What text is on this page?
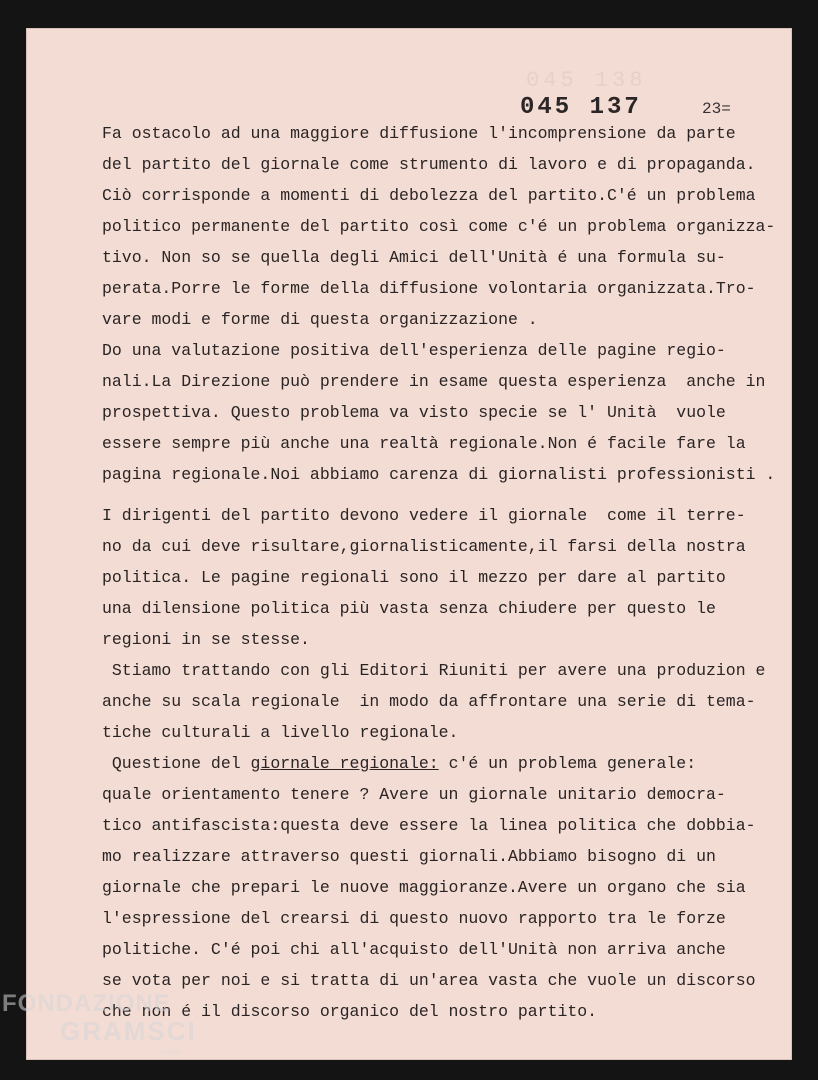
045 138
045 137	23=
Fa ostacolo ad una maggiore diffusione l'incomprensione da parte
del partito del giornale come strumento di lavoro e di propaganda.
Ciò corrisponde a momenti di debolezza del partito.C'é un problema
politico permanente del partito così come c'é un problema organizza-
tivo. Non so se quella degli Amici dell'Unità é una formula su-
perata.Porre le forme della diffusione volontaria organizzata.Tro-
vare modi e forme di questa organizzazione .
Do una valutazione positiva dell'esperienza delle pagine regio-
nali.La Direzione può prendere in esame questa esperienza  anche in
prospettiva. Questo problema va visto specie se l' Unità  vuole
essere sempre più anche una realtà regionale.Non é facile fare la
pagina regionale.Noi abbiamo carenza di giornalisti professionisti .
I dirigenti del partito devono vedere il giornale  come il terre-
no da cui deve risultare,giornalisticamente,il farsi della nostra
politica. Le pagine regionali sono il mezzo per dare al partito
una dilensione politica più vasta senza chiudere per questo le
regioni in se stesse.
Stiamo trattando con gli Editori Riuniti per avere una produzion e
anche su scala regionale  in modo da affrontare una serie di tema-
tiche culturali a livello regionale.
Questione del giornale regionale: c'é un problema generale:
quale orientamento tenere ? Avere un giornale unitario democra-
tico antifascista:questa deve essere la linea politica che dobbia-
mo realizzare attraverso questi giornali.Abbiamo bisogno di un
giornale che prepari le nuove maggioranze.Avere un organo che sia
l'espressione del crearsi di questo nuovo rapporto tra le forze
politiche. C'é poi chi all'acquisto dell'Unità non arriva anche
se vota per noi e si tratta di un'area vasta che vuole un discorso
che non é il discorso organico del nostro partito.
FONDAZIONE
GRAMSCI
onlus
